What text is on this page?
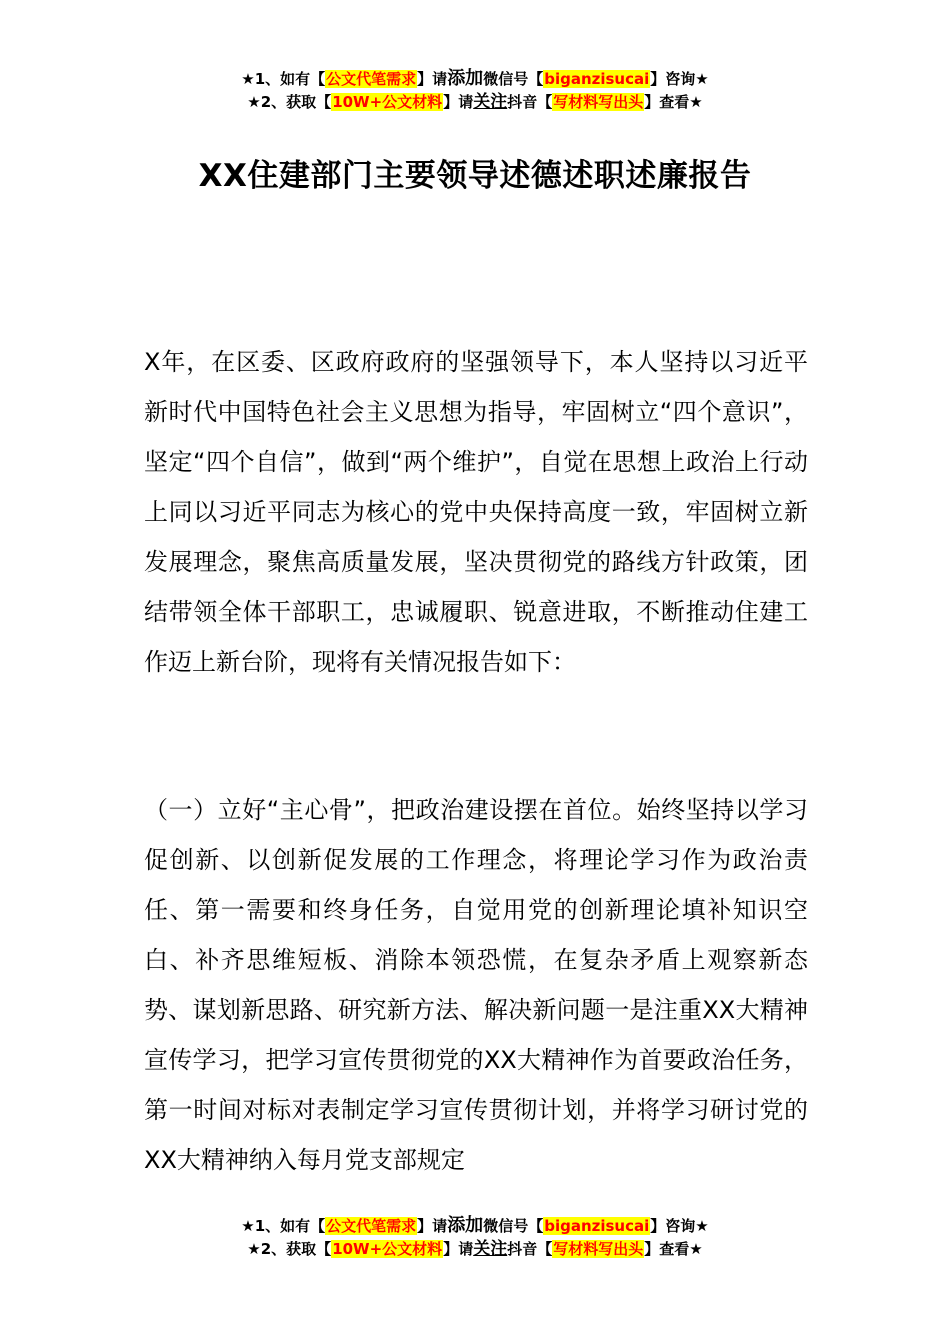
★1、如有【公文代笔需求】请添加微信号【biganzisucai】咨询★
★2、获取【10W+公文材料】请关注抖音【写材料写出头】查看★
XX住建部门主要领导述德述职述廉报告

X年，在区委、区政府政府的坚强领导下，本人坚持以习近平新时代中国特色社会主义思想为指导，牢固树立“四个意识”，坚定“四个自信”，做到“两个维护”，自觉在思想上政治上行动上同以习近平同志为核心的党中央保持高度一致，牢固树立新发展理念，聚焦高质量发展，坚决贯彻党的路线方针政策，团结带领全体干部职工，忠诚履职、锐意进取，不断推动住建工作迈上新台阶，现将有关情况报告如下：

（一）立好“主心骨”，把政治建设摆在首位。始终坚持以学习促创新、以创新促发展的工作理念，将理论学习作为政治责任、第一需要和终身任务，自觉用党的创新理论填补知识空白、补齐思维短板、消除本领恐慌，在复杂矛盾上观察新态势、谋划新思路、研究新方法、解决新问题一是注重XX大精神宣传学习，把学习宣传贯彻党的XX大精神作为首要政治任务，第一时间对标对表制定学习宣传贯彻计划，并将学习研讨党的XX大精神纳入每月党支部规定

★1、如有【公文代笔需求】请添加微信号【biganzisucai】咨询★
★2、获取【10W+公文材料】请关注抖音【写材料写出头】查看★
